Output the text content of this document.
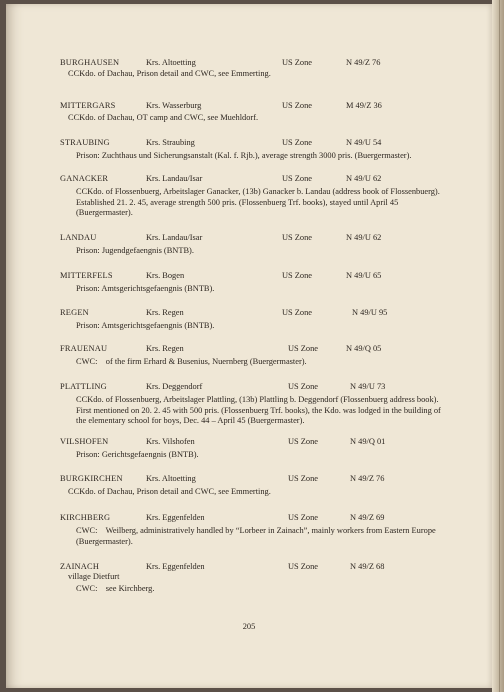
BURGHAUSEN	Krs. Altoetting	US Zone	N 49/Z 76
CCKdo. of Dachau, Prison detail and CWC, see Emmerting.
MITTERGARS	Krs. Wasserburg	US Zone	M 49/Z 36
CCKdo. of Dachau, OT camp and CWC, see Muehldorf.
STRAUBING	Krs. Straubing	US Zone	N 49/U 54
Prison: Zuchthaus und Sicherungsanstalt (Kal. f. Rjb.), average strength 3000 pris. (Buergermaster).
GANACKER	Krs. Landau/Isar	US Zone	N 49/U 62
CCKdo. of Flossenbuerg, Arbeitslager Ganacker, (13b) Ganacker b. Landau (address book of Flossenbuerg). Established 21. 2. 45, average strength 500 pris. (Flossenbuerg Trf. books), stayed until April 45 (Buergermaster).
LANDAU	Krs. Landau/Isar	US Zone	N 49/U 62
Prison: Jugendgefaengnis (BNTB).
MITTERFELS	Krs. Bogen	US Zone	N 49/U 65
Prison: Amtsgerichtsgefaengnis (BNTB).
REGEN	Krs. Regen	US Zone	N 49/U 95
Prison: Amtsgerichtsgefaengnis (BNTB).
FRAUENAU	Krs. Regen	US Zone	N 49/Q 05
CWC:    of the firm Erhard & Busenius, Nuernberg (Buergermaster).
PLATTLING	Krs. Deggendorf	US Zone	N 49/U 73
CCKdo. of Flossenbuerg, Arbeitslager Plattling, (13b) Plattling b. Deggendorf (Flossenbuerg address book). First mentioned on 20. 2. 45 with 500 pris. (Flossenbuerg Trf. books), the Kdo. was lodged in the building of the elementary school for boys, Dec. 44 – April 45 (Buergermaster).
VILSHOFEN	Krs. Vilshofen	US Zone	N 49/Q 01
Prison: Gerichtsgefaengnis (BNTB).
BURGKIRCHEN	Krs. Altoetting	US Zone	N 49/Z 76
CCKdo. of Dachau, Prison detail and CWC, see Emmerting.
KIRCHBERG	Krs. Eggenfelden	US Zone	N 49/Z 69
CWC:    Weilberg, administratively handled by “Lorbeer in Zainach”, mainly workers from Eastern Europe (Buergermaster).
ZAINACH	Krs. Eggenfelden	US Zone	N 49/Z 68
village Dietfurt
CWC:    see Kirchberg.
205
